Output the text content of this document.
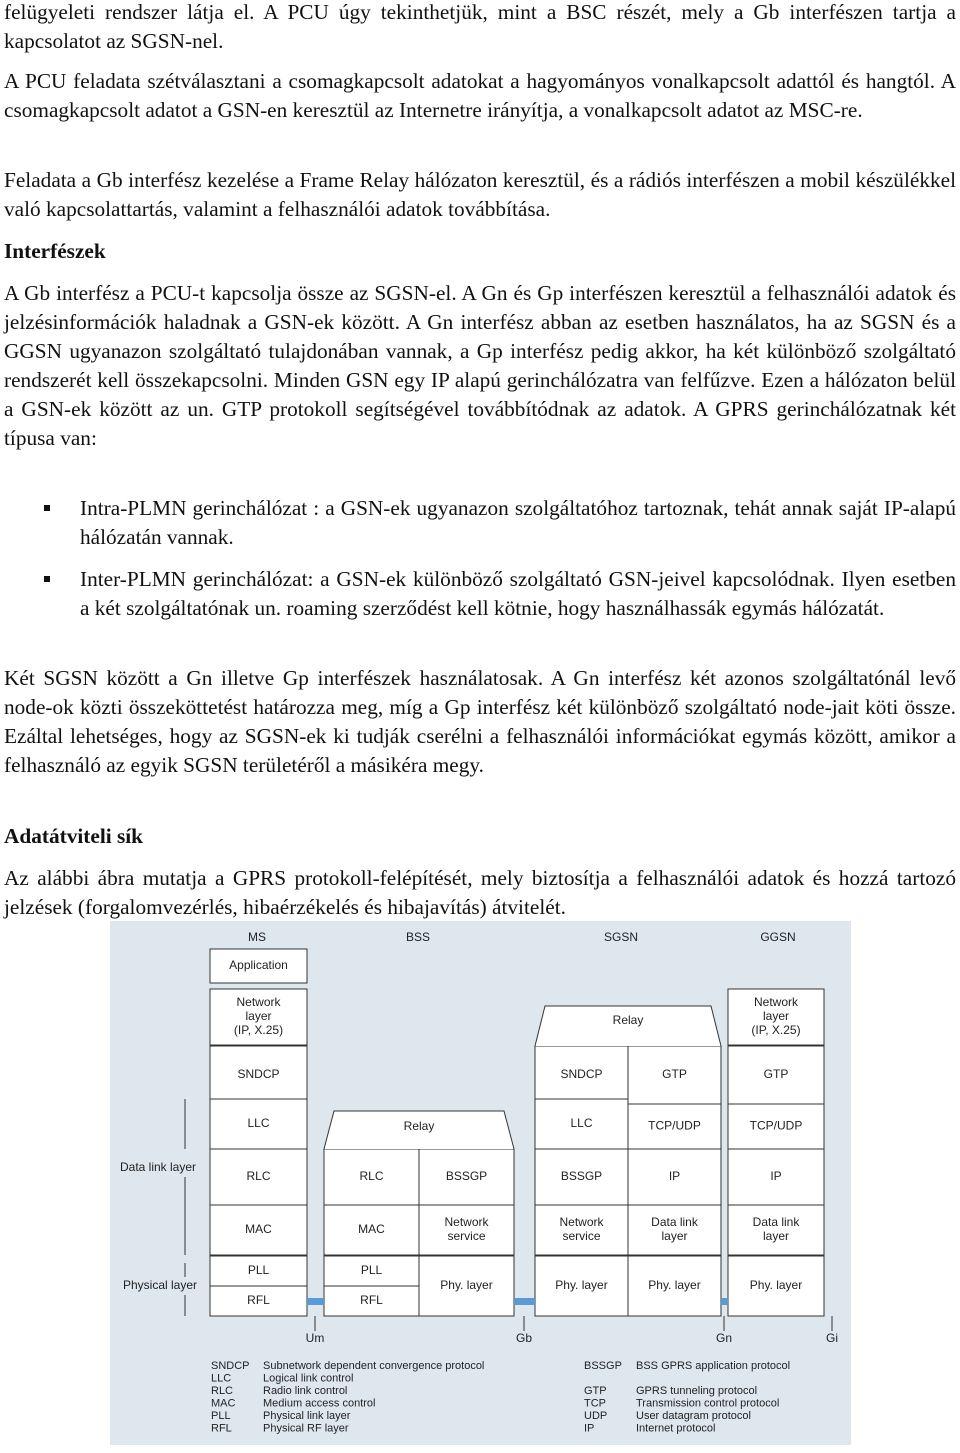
felügyeleti rendszer látja el. A PCU úgy tekinthetjük, mint a BSC részét, mely a Gb interfészen tartja a kapcsolatot az SGSN-nel.

A PCU feladata szétválasztani a csomagkapcsolt adatokat a hagyományos vonalkapcsolt adattól és hangtól. A csomagkapcsolt adatot a GSN-en keresztül az Internetre irányítja, a vonalkapcsolt adatot az MSC-re.

Feladata a Gb interfész kezelése a Frame Relay hálózaton keresztül, és a rádiós interfészen a mobil készülékkel való kapcsolattartás, valamint a felhasználói adatok továbbítása.

Interfészek

A Gb interfész a PCU-t kapcsolja össze az SGSN-el. A Gn és Gp interfészen keresztül a felhasználói adatok és jelzésinformációk haladnak a GSN-ek között. A Gn interfész abban az esetben használatos, ha az SGSN és a GGSN ugyanazon szolgáltató tulajdonában vannak, a Gp interfész pedig akkor, ha két különböző szolgáltató rendszerét kell összekapcsolni. Minden GSN egy IP alapú gerinchálózatra van felfűzve. Ezen a hálózaton belül a GSN-ek között az un. GTP protokoll segítségével továbbítódnak az adatok. A GPRS gerinchálózatnak két típusa van:

Intra-PLMN gerinchálózat : a GSN-ek ugyanazon szolgáltatóhoz tartoznak, tehát annak saját IP-alapú hálózatán vannak.
Inter-PLMN gerinchálózat: a GSN-ek különböző szolgáltató GSN-jeivel kapcsolódnak. Ilyen esetben a két szolgáltatónak un. roaming szerződést kell kötnie, hogy használhassák egymás hálózatát.

Két SGSN között a Gn illetve Gp interfészek használatosak. A Gn interfész két azonos szolgáltatónál levő node-ok közti összeköttetést határozza meg, míg a Gp interfész két különböző szolgáltató node-jait köti össze. Ezáltal lehetséges, hogy az SGSN-ek ki tudják cserélni a felhasználói információkat egymás között, amikor a felhasználó az egyik SGSN területéről a másikéra megy.

Adatátviteli sík

Az alábbi ábra mutatja a GPRS protokoll-felépítését, mely biztosítja a felhasználói adatok és hozzá tartozó jelzések (forgalomvezérlés, hibaérzékelés és hibajavítás) átvitelét.

MS	BSS	SGSN	GGSN
Application
Network layer (IP, X.25)
SNDCP
LLC
RLC
MAC
PLL
RFL
RLC
MAC
PLL
RFL
BSSGP
Network service
Phy. layer
Relay
SNDCP
LLC
BSSGP
Network service
Phy. layer
GTP
TCP/UDP
IP
Data link layer
Phy. layer
Relay
Network layer (IP, X.25)
GTP
TCP/UDP
IP
Data link layer
Phy. layer
Data link layer
Physical layer
Um	Gb	Gn	Gi
SNDCP Subnetwork dependent convergence protocol
LLC	Logical link control
RLC	Radio link control
MAC	Medium access control
PLL	Physical link layer
RFL	Physical RF layer
BSSGP BSS GPRS application protocol
GTP	GPRS tunneling protocol
TCP	Transmission control protocol
UDP	User datagram protocol
IP	Internet protocol
